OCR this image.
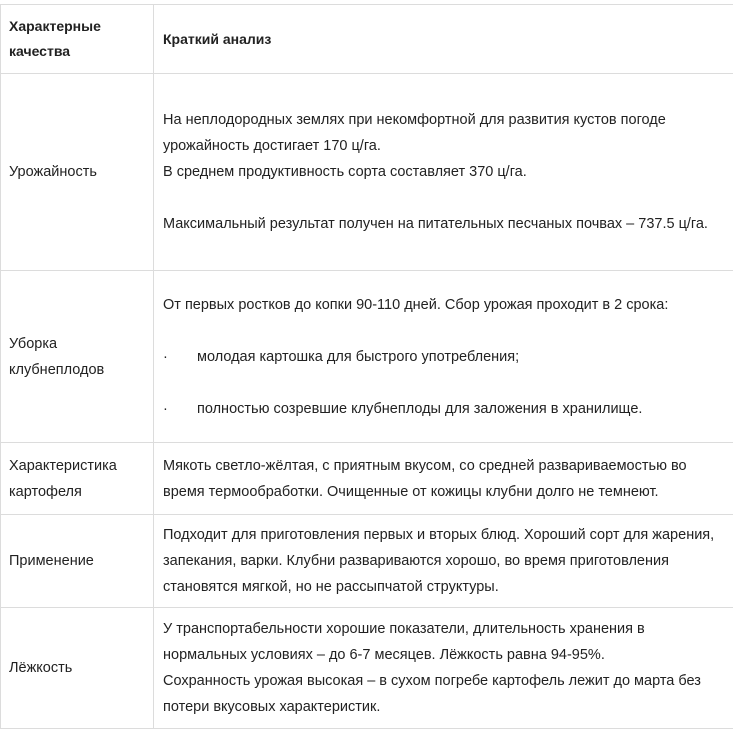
Характерные качества	Краткий анализ
Урожайность	На неплодородных землях при некомфортной для развития кустов погоде урожайность достигает 170 ц/га.

В среднем продуктивность сорта составляет 370 ц/га.

Максимальный результат получен на питательных песчаных почвах – 737.5 ц/га.

Уборка клубнеплодов	От первых ростков до копки 90-110 дней. Сбор урожая проходит в 2 срока:

· молодая картошка для быстрого употребления;
· полностью созревшие клубнеплоды для заложения в хранилище.

Характеристика картофеля	Мякоть светло-жёлтая, с приятным вкусом, со средней развариваемостью во время термообработки. Очищенные от кожицы клубни долго не темнеют.
Применение	Подходит для приготовления первых и вторых блюд. Хороший сорт для жарения, запекания, варки. Клубни развариваются хорошо, во время приготовления становятся мягкой, но не рассыпчатой структуры.
Лёжкость	У транспортабельности хорошие показатели, длительность хранения в нормальных условиях – до 6-7 месяцев. Лёжкость равна 94-95%.

Сохранность урожая высокая – в сухом погребе картофель лежит до марта без потери вкусовых характеристик.
